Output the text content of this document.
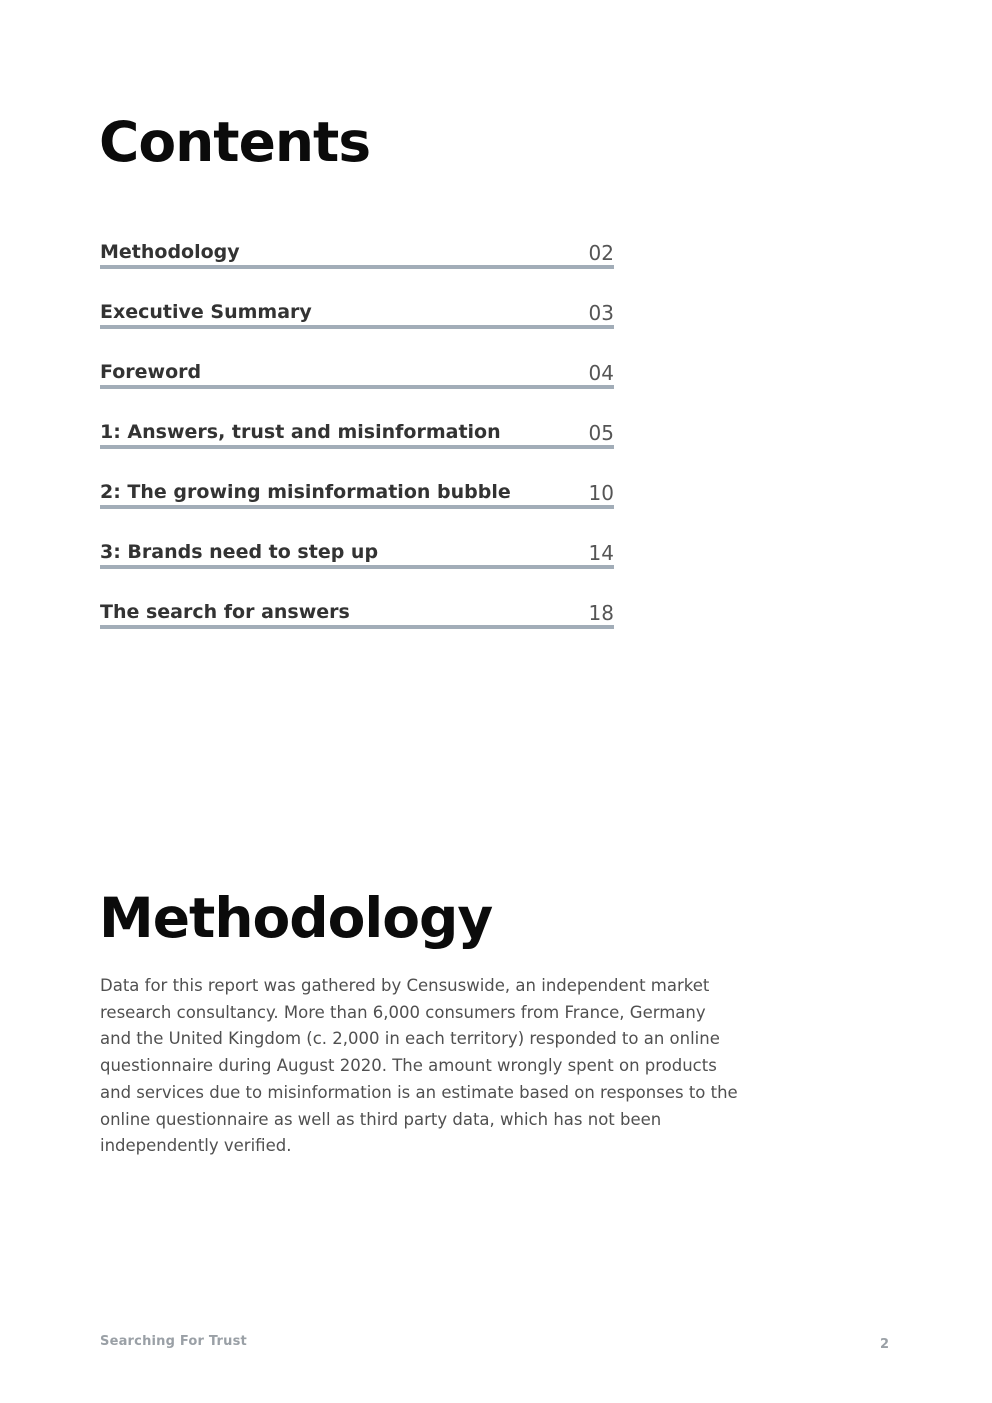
Contents
Methodology	02
Executive Summary	03
Foreword	04
1: Answers, trust and misinformation	05
2: The growing misinformation bubble	10
3: Brands need to step up	14
The search for answers	18
Methodology

Data for this report was gathered by Censuswide, an independent market research consultancy. More than 6,000 consumers from France, Germany and the United Kingdom (c. 2,000 in each territory) responded to an online questionnaire during August 2020. The amount wrongly spent on products and services due to misinformation is an estimate based on responses to the online questionnaire as well as third party data, which has not been independently verified.

Searching For Trust	2
